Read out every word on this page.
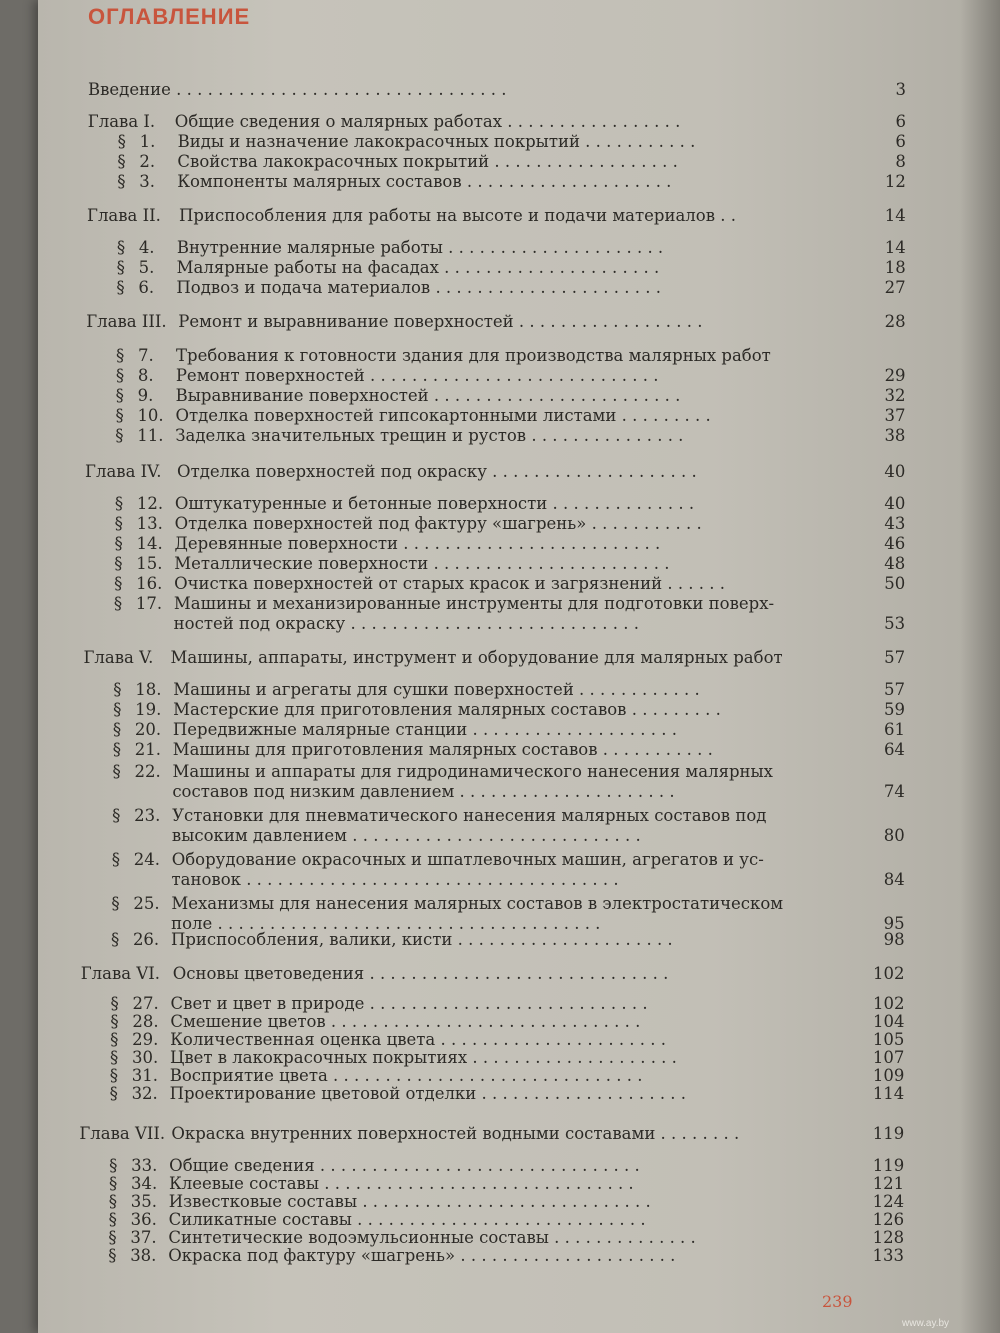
ОГЛАВЛЕНИЕ
Введение . . . . . . . . . . . . . . . . . . . . . . . . . . . . . . . .	3
Глава I. Общие сведения о малярных работах . . . . . . . . . . . . . . . . .	6
§ 1. Виды и назначение лакокрасочных покрытий . . . . . . . . . . .	6
§ 2. Свойства лакокрасочных покрытий . . . . . . . . . . . . . . . . . .	8
§ 3. Компоненты малярных составов . . . . . . . . . . . . . . . . . . . .	12
Глава II. Приспособления для работы на высоте и подачи материалов . .	14
§ 4. Внутренние малярные работы . . . . . . . . . . . . . . . . . . . . .	14
§ 5. Малярные работы на фасадах . . . . . . . . . . . . . . . . . . . . .	18
§ 6. Подвоз и подача материалов . . . . . . . . . . . . . . . . . . . . . .	27
Глава III. Ремонт и выравнивание поверхностей . . . . . . . . . . . . . . . . . .	28
§ 7. Требования к готовности здания для производства малярных работ
§ 8. Ремонт поверхностей . . . . . . . . . . . . . . . . . . . . . . . . . . . .	29
§ 9. Выравнивание поверхностей . . . . . . . . . . . . . . . . . . . . . . . .	32
§ 10. Отделка поверхностей гипсокартонными листами . . . . . . . . .	37
§ 11. Заделка значительных трещин и рустов . . . . . . . . . . . . . . .	38
Глава IV. Отделка поверхностей под окраску . . . . . . . . . . . . . . . . . . . .	40
§ 12. Оштукатуренные и бетонные поверхности . . . . . . . . . . . . . .	40
§ 13. Отделка поверхностей под фактуру «шагрень» . . . . . . . . . . .	43
§ 14. Деревянные поверхности . . . . . . . . . . . . . . . . . . . . . . . . .	46
§ 15. Металлические поверхности . . . . . . . . . . . . . . . . . . . . . . .	48
§ 16. Очистка поверхностей от старых красок и загрязнений . . . . . .	50
§ 17. Машины и механизированные инструменты для подготовки поверх-
ностей под окраску . . . . . . . . . . . . . . . . . . . . . . . . . . . .	53
Глава V. Машины, аппараты, инструмент и оборудование для малярных работ	57
§ 18. Машины и агрегаты для сушки поверхностей . . . . . . . . . . . .	57
§ 19. Мастерские для приготовления малярных составов . . . . . . . . .	59
§ 20. Передвижные малярные станции . . . . . . . . . . . . . . . . . . . .	61
§ 21. Машины для приготовления малярных составов . . . . . . . . . . .	64
§ 22. Машины и аппараты для гидродинамического нанесения малярных
составов под низким давлением . . . . . . . . . . . . . . . . . . . . .	74
§ 23. Установки для пневматического нанесения малярных составов под
высоким давлением . . . . . . . . . . . . . . . . . . . . . . . . . . . .	80
§ 24. Оборудование окрасочных и шпатлевочных машин, агрегатов и ус-
тановок . . . . . . . . . . . . . . . . . . . . . . . . . . . . . . . . . . . .	84
§ 25. Механизмы для нанесения малярных составов в электростатическом
поле . . . . . . . . . . . . . . . . . . . . . . . . . . . . . . . . . . . . .	95
§ 26. Приспособления, валики, кисти . . . . . . . . . . . . . . . . . . . . .	98
Глава VI. Основы цветоведения . . . . . . . . . . . . . . . . . . . . . . . . . . . . .	102
§ 27. Свет и цвет в природе . . . . . . . . . . . . . . . . . . . . . . . . . . .	102
§ 28. Смешение цветов . . . . . . . . . . . . . . . . . . . . . . . . . . . . . .	104
§ 29. Количественная оценка цвета . . . . . . . . . . . . . . . . . . . . . .	105
§ 30. Цвет в лакокрасочных покрытиях . . . . . . . . . . . . . . . . . . . .	107
§ 31. Восприятие цвета . . . . . . . . . . . . . . . . . . . . . . . . . . . . . .	109
§ 32. Проектирование цветовой отделки . . . . . . . . . . . . . . . . . . . .	114
Глава VII. Окраска внутренних поверхностей водными составами . . . . . . . .	119
§ 33. Общие сведения . . . . . . . . . . . . . . . . . . . . . . . . . . . . . . .	119
§ 34. Клеевые составы . . . . . . . . . . . . . . . . . . . . . . . . . . . . . .	121
§ 35. Известковые составы . . . . . . . . . . . . . . . . . . . . . . . . . . . .	124
§ 36. Силикатные составы . . . . . . . . . . . . . . . . . . . . . . . . . . . .	126
§ 37. Синтетические водоэмульсионные составы . . . . . . . . . . . . . .	128
§ 38. Окраска под фактуру «шагрень» . . . . . . . . . . . . . . . . . . . . .	133
239
www.ay.by
